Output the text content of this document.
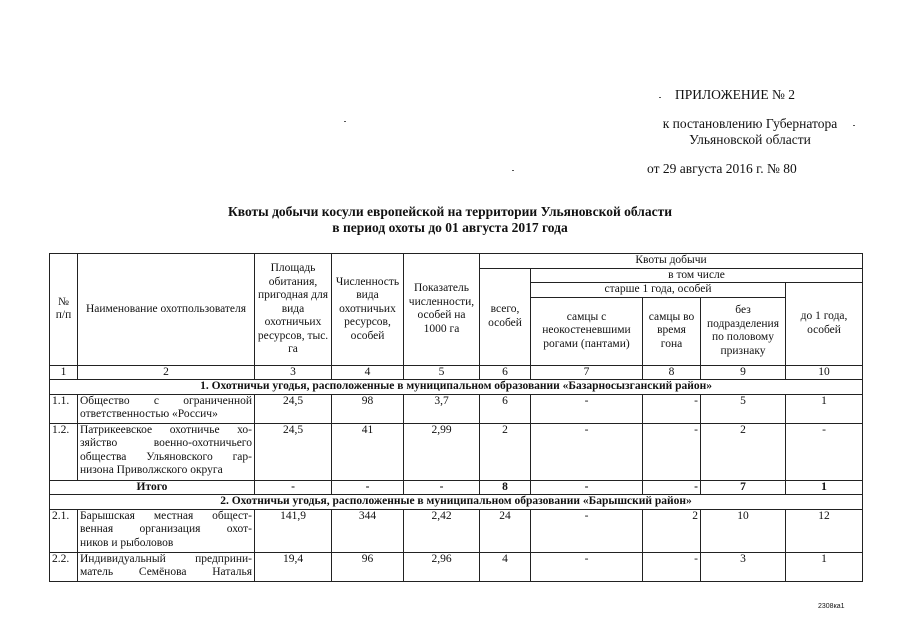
ПРИЛОЖЕНИЕ № 2
к постановлению Губернатора
Ульяновской области
от 29 августа 2016 г. № 80
Квоты добычи косули европейской на территории Ульяновской области
в период охоты до 01 августа 2017 года
№ п/п	Наименование охотпользователя	Площадь обитания, пригодная для вида охотничьих ресурсов, тыс. га	Численность вида охотничьих ресурсов, особей	Показатель численности, особей на 1000 га	Квоты добычи				
					всего, особей	в том числе			
						старше 1 года, особей			до 1 года, особей
						самцы с неокостеневшими рогами (пантами)	самцы во время гона	без подразделения по половому признаку	
1	2	3	4	5	6	7	8	9	10
1. Охотничьи угодья, расположенные в муниципальном образовании «Базарносызганский район»									
1.1.	Общество с ограниченной
ответственностью «Россич»	24,5	98	3,7	6	-	-	5	1
1.2.	Патрикеевское охотничье хо-
зяйство военно-охотничьего
общества Ульяновского гар-
низона Приволжского округа	24,5	41	2,99	2	-	-	2	-
Итого		-	-	-	8	-	-	7	1
2. Охотничьи угодья, расположенные в муниципальном образовании «Барышский район»									
2.1.	Барышская местная общест-
венная организация охот-
ников и рыболовов	141,9	344	2,42	24	-	2	10	12
2.2.	Индивидуальный предприни-
матель Семёнова Наталья	19,4	96	2,96	4	-	-	3	1
2308ка1
